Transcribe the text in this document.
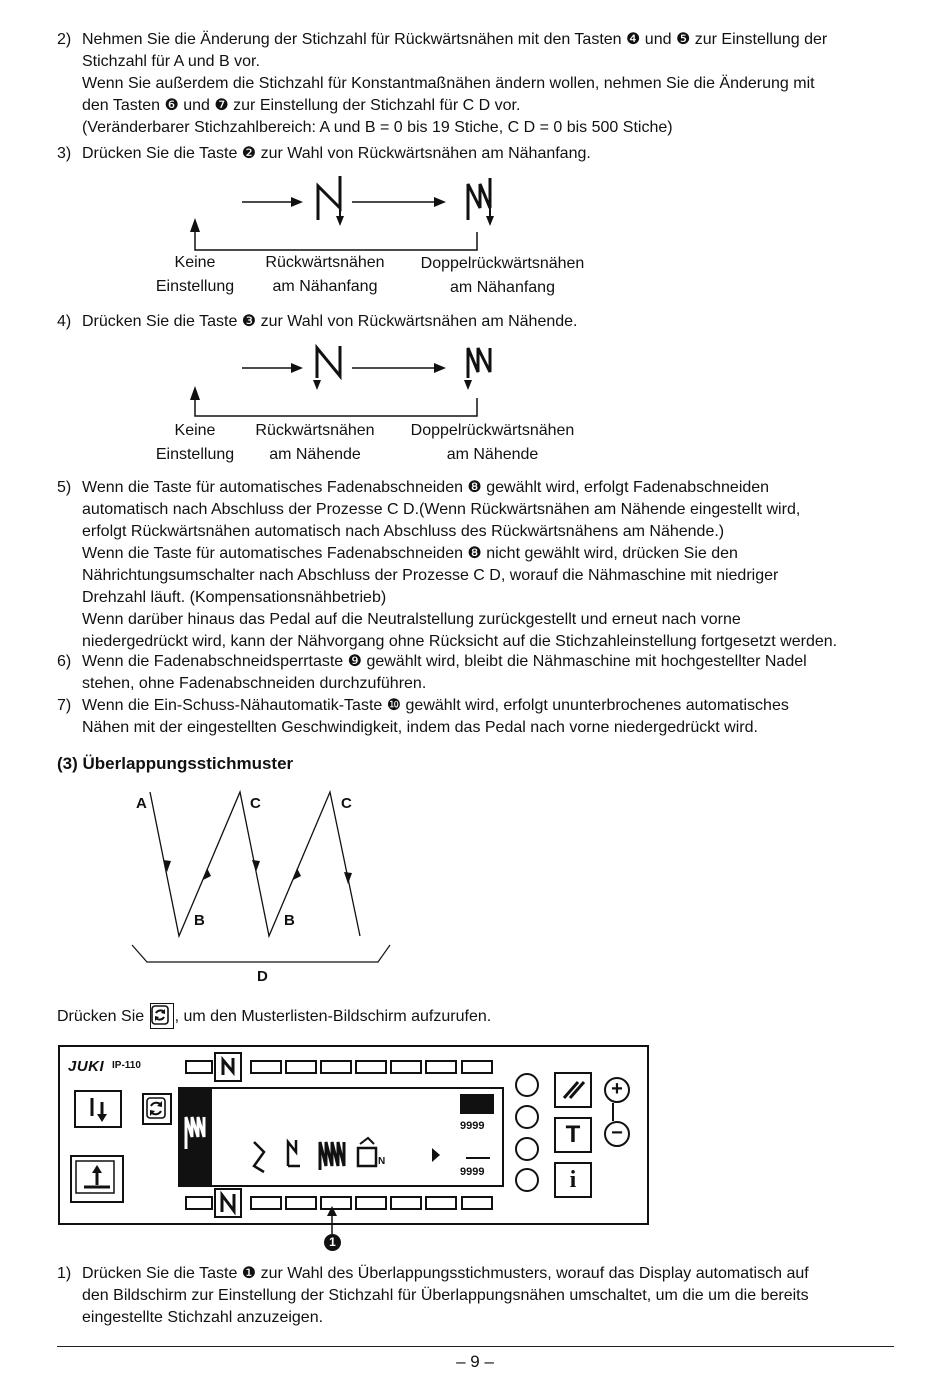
2) Nehmen Sie die Änderung der Stichzahl für Rückwärtsnähen mit den Tasten ❹ und ❺ zur Einstellung der
Stichzahl für A und B vor.
Wenn Sie außerdem die Stichzahl für Konstantmaßnähen ändern wollen, nehmen Sie die Änderung mit
den Tasten ❻ und ❼ zur Einstellung der Stichzahl für C D vor.
(Veränderbarer Stichzahlbereich: A und B = 0 bis 19 Stiche, C D = 0 bis 500 Stiche)
3) Drücken Sie die Taste ❷ zur Wahl von Rückwärtsnähen am Nähanfang.
Keine
Einstellung
Rückwärtsnähen
am Nähanfang
Doppelrückwärtsnähen
am Nähanfang
4) Drücken Sie die Taste ❸ zur Wahl von Rückwärtsnähen am Nähende.
Keine
Einstellung
Rückwärtsnähen
am Nähende
Doppelrückwärtsnähen
am Nähende
5) Wenn die Taste für automatisches Fadenabschneiden ❽ gewählt wird, erfolgt Fadenabschneiden
automatisch nach Abschluss der Prozesse C D.(Wenn Rückwärtsnähen am Nähende eingestellt wird,
erfolgt Rückwärtsnähen automatisch nach Abschluss des Rückwärtsnähens am Nähende.)
Wenn die Taste für automatisches Fadenabschneiden ❽ nicht gewählt wird, drücken Sie den
Nährichtungsumschalter nach Abschluss der Prozesse C D, worauf die Nähmaschine mit niedriger
Drehzahl läuft. (Kompensationsnähbetrieb)
Wenn darüber hinaus das Pedal auf die Neutralstellung zurückgestellt und erneut nach vorne
niedergedrückt wird, kann der Nähvorgang ohne Rücksicht auf die Stichzahleinstellung fortgesetzt werden.
6) Wenn die Fadenabschneidsperrtaste ❾ gewählt wird, bleibt die Nähmaschine mit hochgestellter Nadel
stehen, ohne Fadenabschneiden durchzuführen.
7) Wenn die Ein-Schuss-Nähautomatik-Taste ❿ gewählt wird, erfolgt ununterbrochenes automatisches
Nähen mit der eingestellten Geschwindigkeit, indem das Pedal nach vorne niedergedrückt wird.
(3) Überlappungsstichmuster
A	C	C
B	B
D
Drücken Sie , um den Musterlisten-Bildschirm aufzurufen.
JUKI IP-110
N
9999
9999
T
i
+
−
1
1) Drücken Sie die Taste ❶ zur Wahl des Überlappungsstichmusters, worauf das Display automatisch auf
den Bildschirm zur Einstellung der Stichzahl für Überlappungsnähen umschaltet, um die um die bereits
eingestellte Stichzahl anzuzeigen.
– 9 –
